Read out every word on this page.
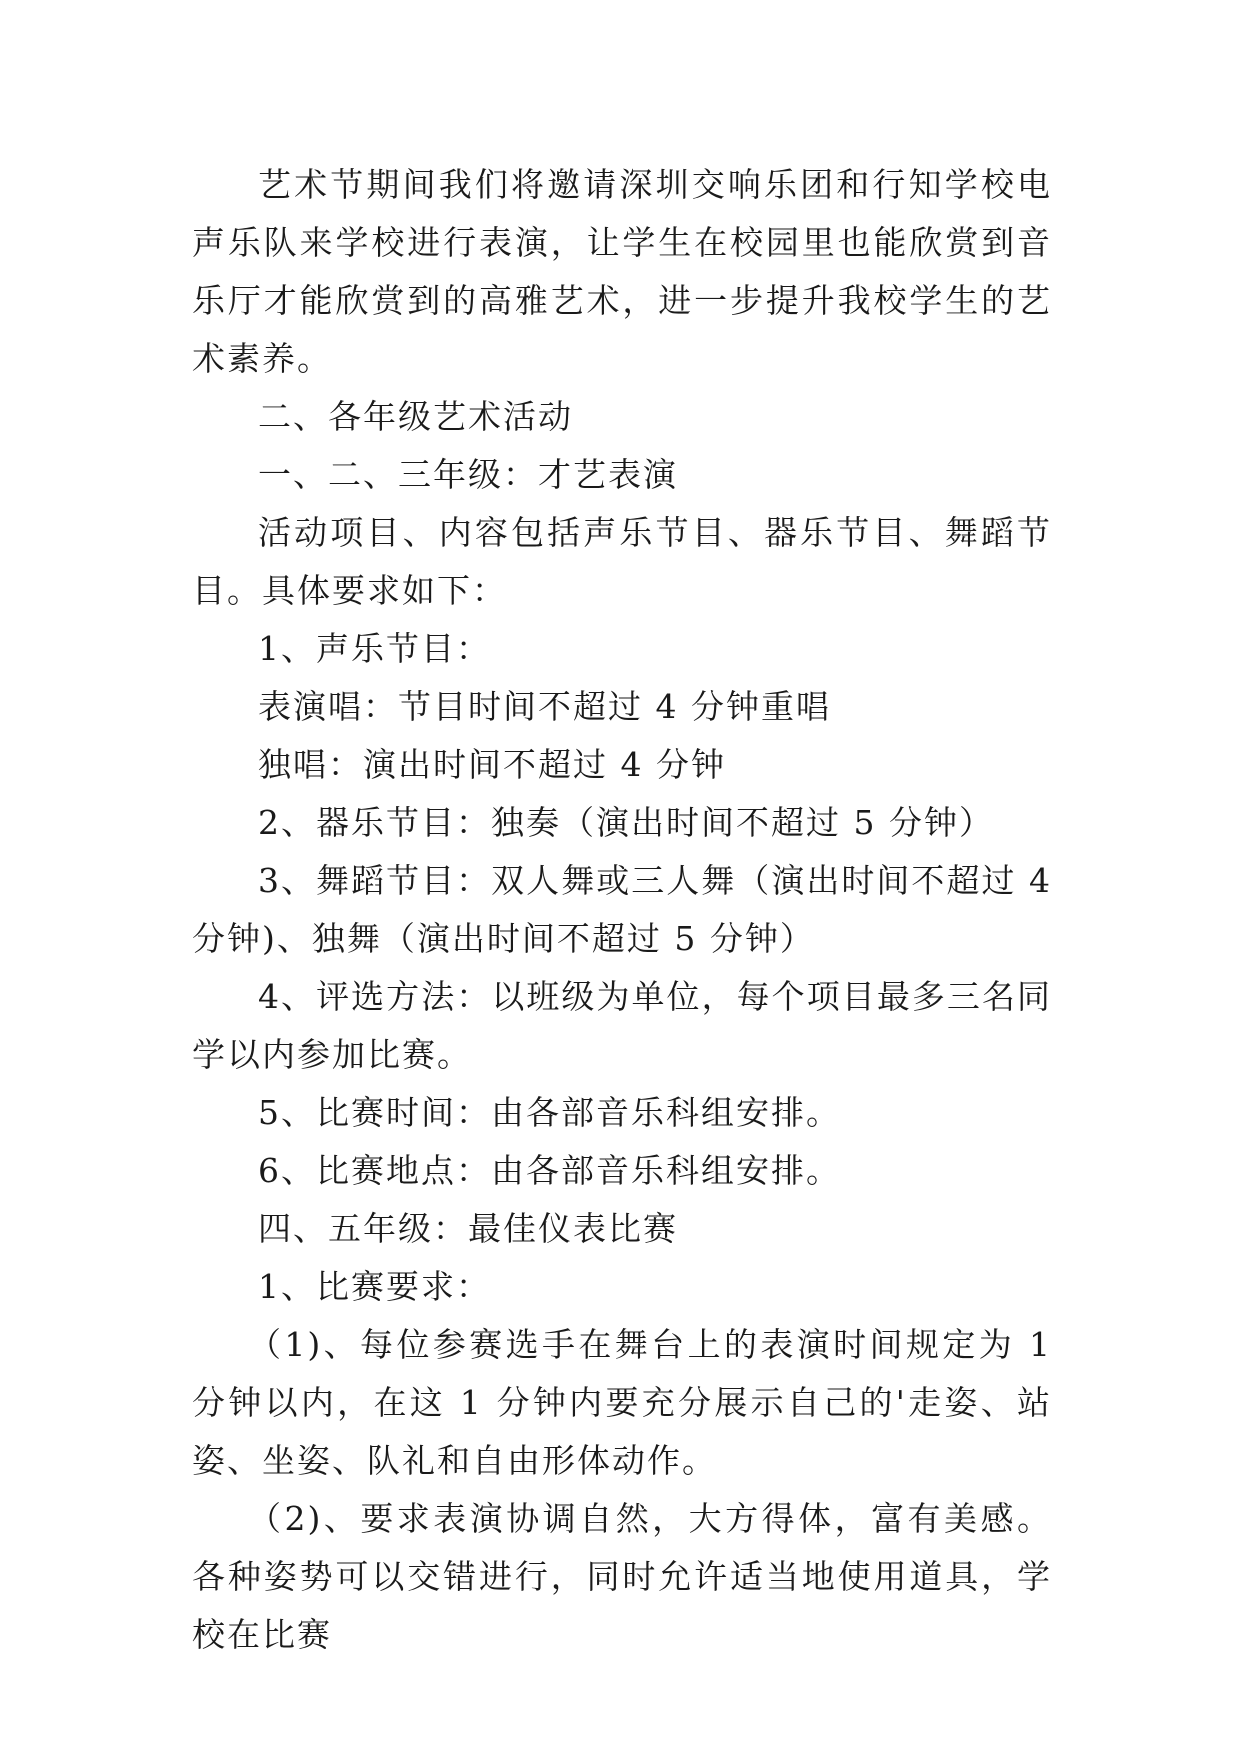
艺术节期间我们将邀请深圳交响乐团和行知学校电声乐队来学校进行表演，让学生在校园里也能欣赏到音乐厅才能欣赏到的高雅艺术，进一步提升我校学生的艺术素养。

二、各年级艺术活动

一、二、三年级：才艺表演

活动项目、内容包括声乐节目、器乐节目、舞蹈节目。具体要求如下：

1、声乐节目：

表演唱：节目时间不超过 4 分钟重唱

独唱：演出时间不超过 4 分钟

2、器乐节目：独奏（演出时间不超过 5 分钟）

3、舞蹈节目：双人舞或三人舞（演出时间不超过 4 分钟)、独舞（演出时间不超过 5 分钟）

4、评选方法：以班级为单位，每个项目最多三名同学以内参加比赛。

5、比赛时间：由各部音乐科组安排。

6、比赛地点：由各部音乐科组安排。

四、五年级：最佳仪表比赛

1、比赛要求：

（1)、每位参赛选手在舞台上的表演时间规定为 1 分钟以内，在这 1 分钟内要充分展示自己的'走姿、站姿、坐姿、队礼和自由形体动作。

（2)、要求表演协调自然，大方得体，富有美感。各种姿势可以交错进行，同时允许适当地使用道具，学校在比赛
